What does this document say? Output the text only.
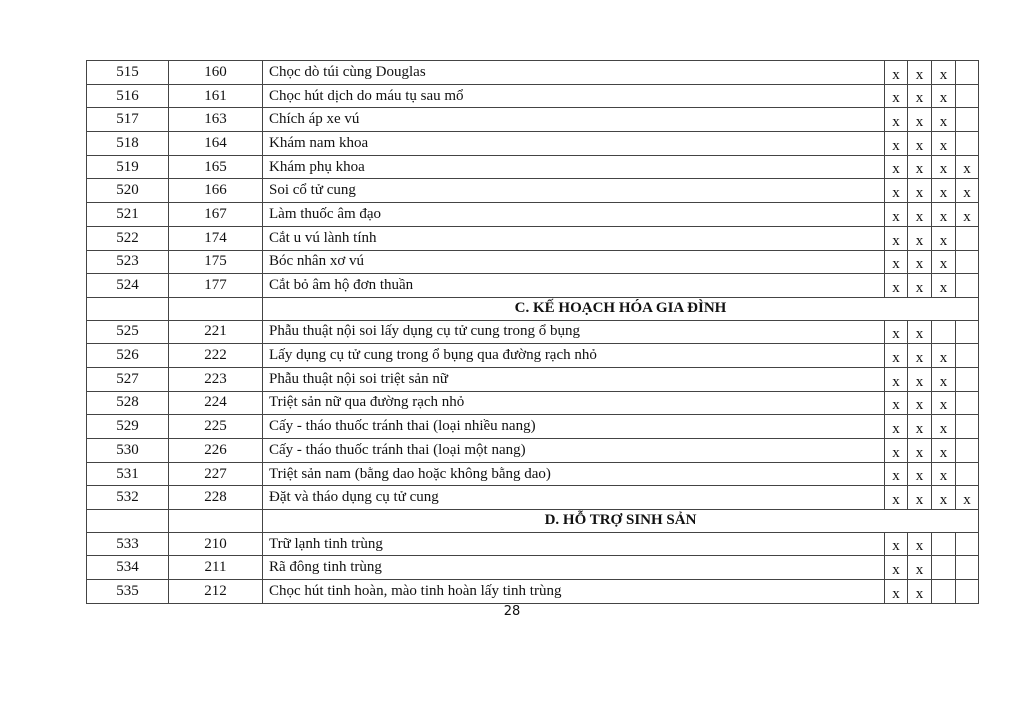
515	160	Chọc dò túi cùng Douglas	x	x	x	
516	161	Chọc hút dịch do máu tụ sau mổ	x	x	x	
517	163	Chích áp xe vú	x	x	x	
518	164	Khám nam khoa	x	x	x	
519	165	Khám phụ khoa	x	x	x	x
520	166	Soi cổ tử cung	x	x	x	x
521	167	Làm thuốc âm đạo	x	x	x	x
522	174	Cắt u vú lành tính	x	x	x	
523	175	Bóc nhân xơ vú	x	x	x	
524	177	Cắt bỏ âm hộ đơn thuần	x	x	x	
		C. KẾ HOẠCH HÓA GIA ĐÌNH				
525	221	Phẫu thuật nội soi lấy dụng cụ tử cung trong ổ bụng	x	x		
526	222	Lấy dụng cụ tử cung trong ổ bụng qua đường rạch nhỏ	x	x	x	
527	223	Phẫu thuật nội soi triệt sản nữ	x	x	x	
528	224	Triệt sản nữ qua đường rạch nhỏ	x	x	x	
529	225	Cấy - tháo thuốc tránh thai (loại nhiều nang)	x	x	x	
530	226	Cấy - tháo thuốc tránh thai (loại một nang)	x	x	x	
531	227	Triệt sản nam (bằng dao hoặc không bằng dao)	x	x	x	
532	228	Đặt và tháo dụng cụ tử cung	x	x	x	x
		D. HỖ TRỢ SINH SẢN				
533	210	Trữ lạnh tinh trùng	x	x		
534	211	Rã đông tinh trùng	x	x		
535	212	Chọc hút tinh hoàn, mào tinh hoàn lấy tinh trùng	x	x		
28
